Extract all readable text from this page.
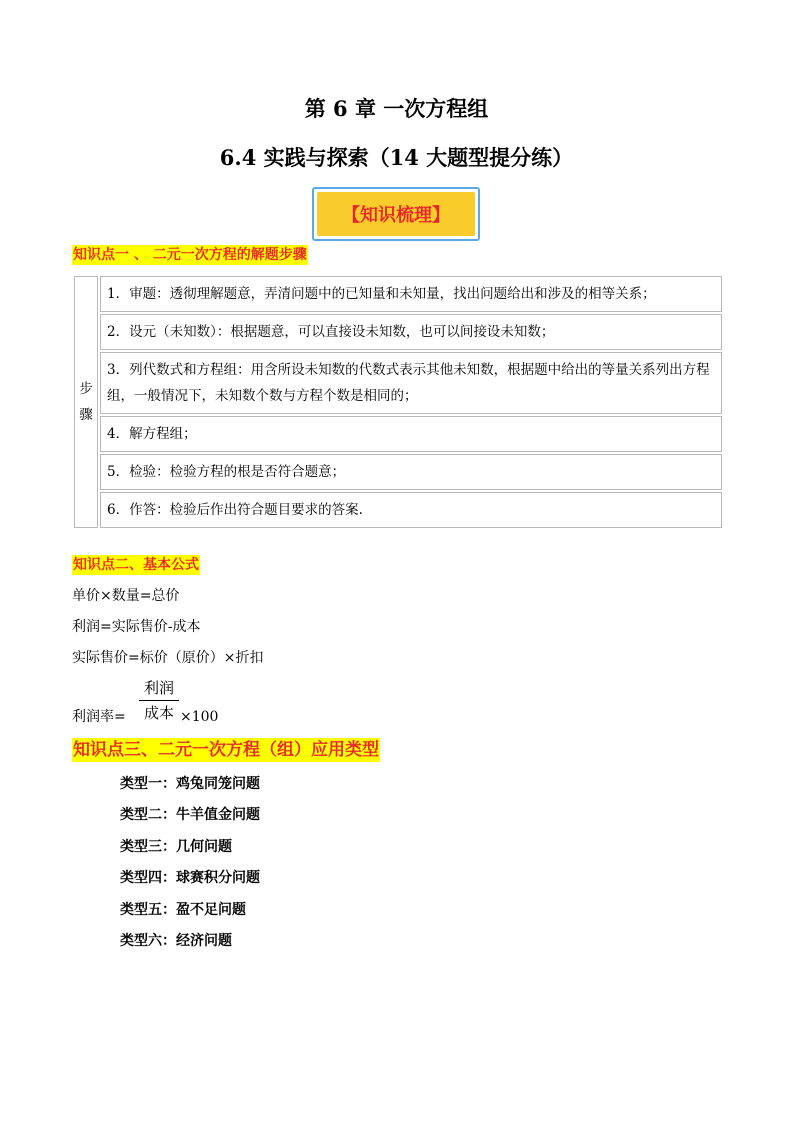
第 6 章 一次方程组
6.4 实践与探索（14 大题型提分练）
【知识梳理】
知识点一 、 二元一次方程的解题步骤
步
骤
	1．审题：透彻理解题意，弄清问题中的已知量和未知量，找出问题给出和涉及的相等关系；
2．设元（未知数）：根据题意，可以直接设未知数，也可以间接设未知数；
3．列代数式和方程组：用含所设未知数的代数式表示其他未知数，根据题中给出的等量关系列出方程组，一般情况下，未知数个数与方程个数是相同的；
4．解方程组；
5．检验：检验方程的根是否符合题意；
6．作答：检验后作出符合题目要求的答案.
知识点二、基本公式
单价×数量=总价
利润=实际售价-成本
实际售价=标价（原价）×折扣
利润率=
利润
成本 ×100
知识点三、二元一次方程（组）应用类型
类型一：鸡兔同笼问题
类型二：牛羊值金问题
类型三：几何问题
类型四：球赛积分问题
类型五：盈不足问题
类型六：经济问题
